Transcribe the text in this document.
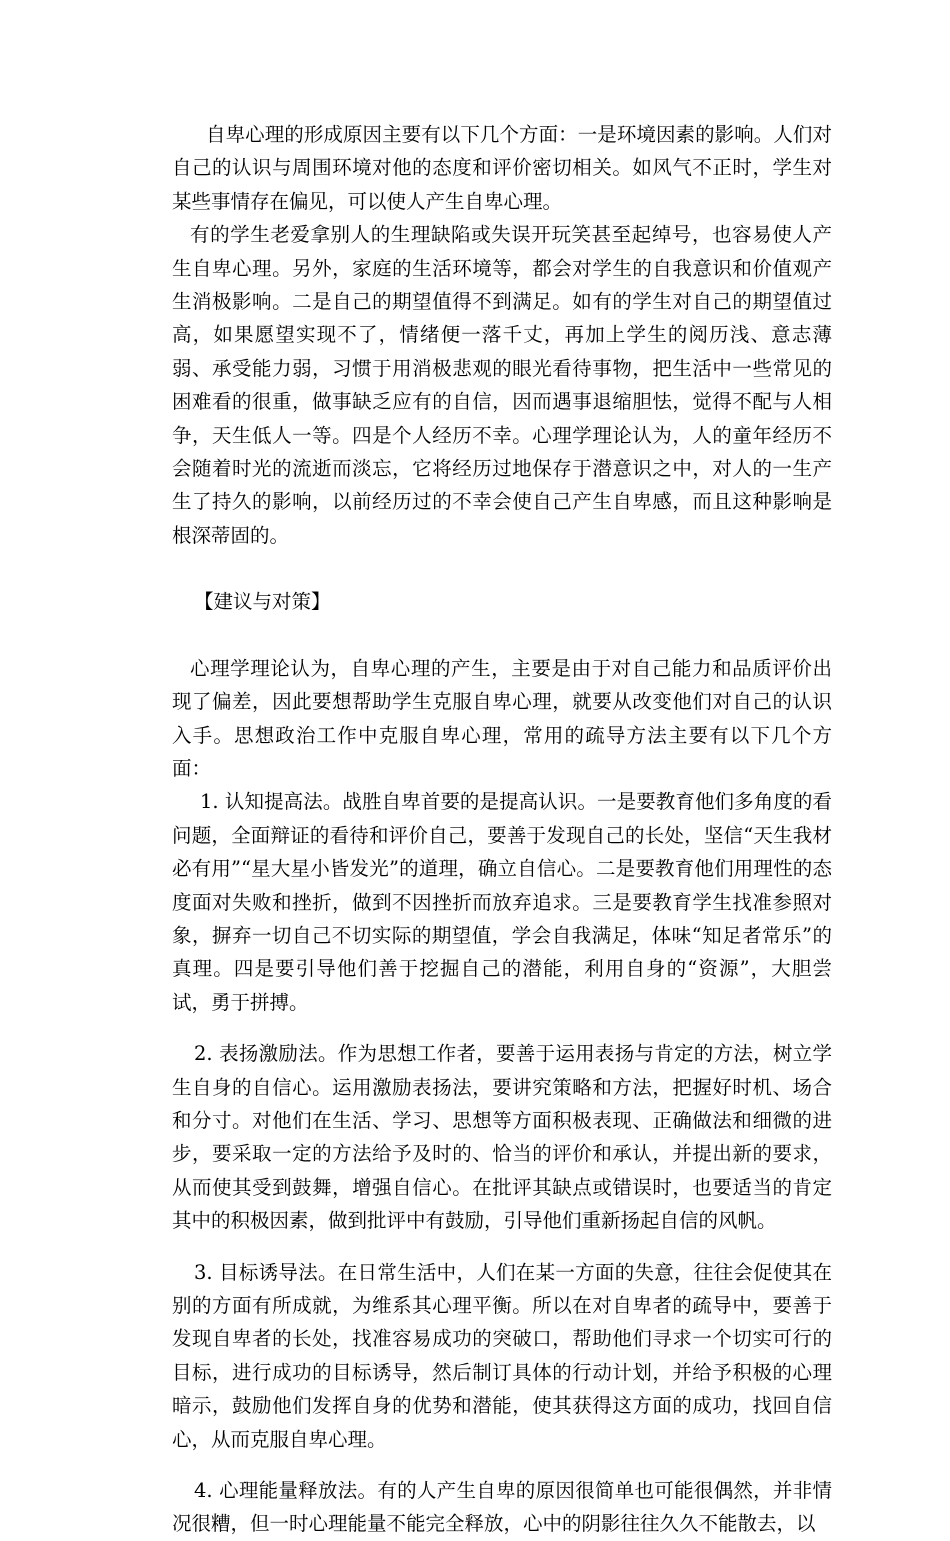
自卑心理的形成原因主要有以下几个方面：一是环境因素的影响。人们对自己的认识与周围环境对他的态度和评价密切相关。如风气不正时，学生对某些事情存在偏见，可以使人产生自卑心理。

有的学生老爱拿别人的生理缺陷或失误开玩笑甚至起绰号，也容易使人产生自卑心理。另外，家庭的生活环境等，都会对学生的自我意识和价值观产生消极影响。二是自己的期望值得不到满足。如有的学生对自己的期望值过高，如果愿望实现不了，情绪便一落千丈，再加上学生的阅历浅、意志薄弱、承受能力弱，习惯于用消极悲观的眼光看待事物，把生活中一些常见的困难看的很重，做事缺乏应有的自信，因而遇事退缩胆怯，觉得不配与人相争，天生低人一等。四是个人经历不幸。心理学理论认为，人的童年经历不会随着时光的流逝而淡忘，它将经历过地保存于潜意识之中，对人的一生产生了持久的影响，以前经历过的不幸会使自己产生自卑感，而且这种影响是根深蒂固的。

【建议与对策】

心理学理论认为，自卑心理的产生，主要是由于对自己能力和品质评价出现了偏差，因此要想帮助学生克服自卑心理，就要从改变他们对自己的认识入手。思想政治工作中克服自卑心理，常用的疏导方法主要有以下几个方面：

1. 认知提高法。战胜自卑首要的是提高认识。一是要教育他们多角度的看问题，全面辩证的看待和评价自己，要善于发现自己的长处，坚信“天生我材必有用”“星大星小皆发光”的道理，确立自信心。二是要教育他们用理性的态度面对失败和挫折，做到不因挫折而放弃追求。三是要教育学生找准参照对象，摒弃一切自己不切实际的期望值，学会自我满足，体味“知足者常乐”的真理。四是要引导他们善于挖掘自己的潜能，利用自身的“资源”，大胆尝试，勇于拼搏。

2. 表扬激励法。作为思想工作者，要善于运用表扬与肯定的方法，树立学生自身的自信心。运用激励表扬法，要讲究策略和方法，把握好时机、场合和分寸。对他们在生活、学习、思想等方面积极表现、正确做法和细微的进步，要采取一定的方法给予及时的、恰当的评价和承认，并提出新的要求，从而使其受到鼓舞，增强自信心。在批评其缺点或错误时，也要适当的肯定其中的积极因素，做到批评中有鼓励，引导他们重新扬起自信的风帆。

3. 目标诱导法。在日常生活中，人们在某一方面的失意，往往会促使其在别的方面有所成就，为维系其心理平衡。所以在对自卑者的疏导中，要善于发现自卑者的长处，找准容易成功的突破口，帮助他们寻求一个切实可行的目标，进行成功的目标诱导，然后制订具体的行动计划，并给予积极的心理暗示，鼓励他们发挥自身的优势和潜能，使其获得这方面的成功，找回自信心，从而克服自卑心理。

4. 心理能量释放法。有的人产生自卑的原因很简单也可能很偶然，并非情况很糟，但一时心理能量不能完全释放，心中的阴影往往久久不能散去，以
